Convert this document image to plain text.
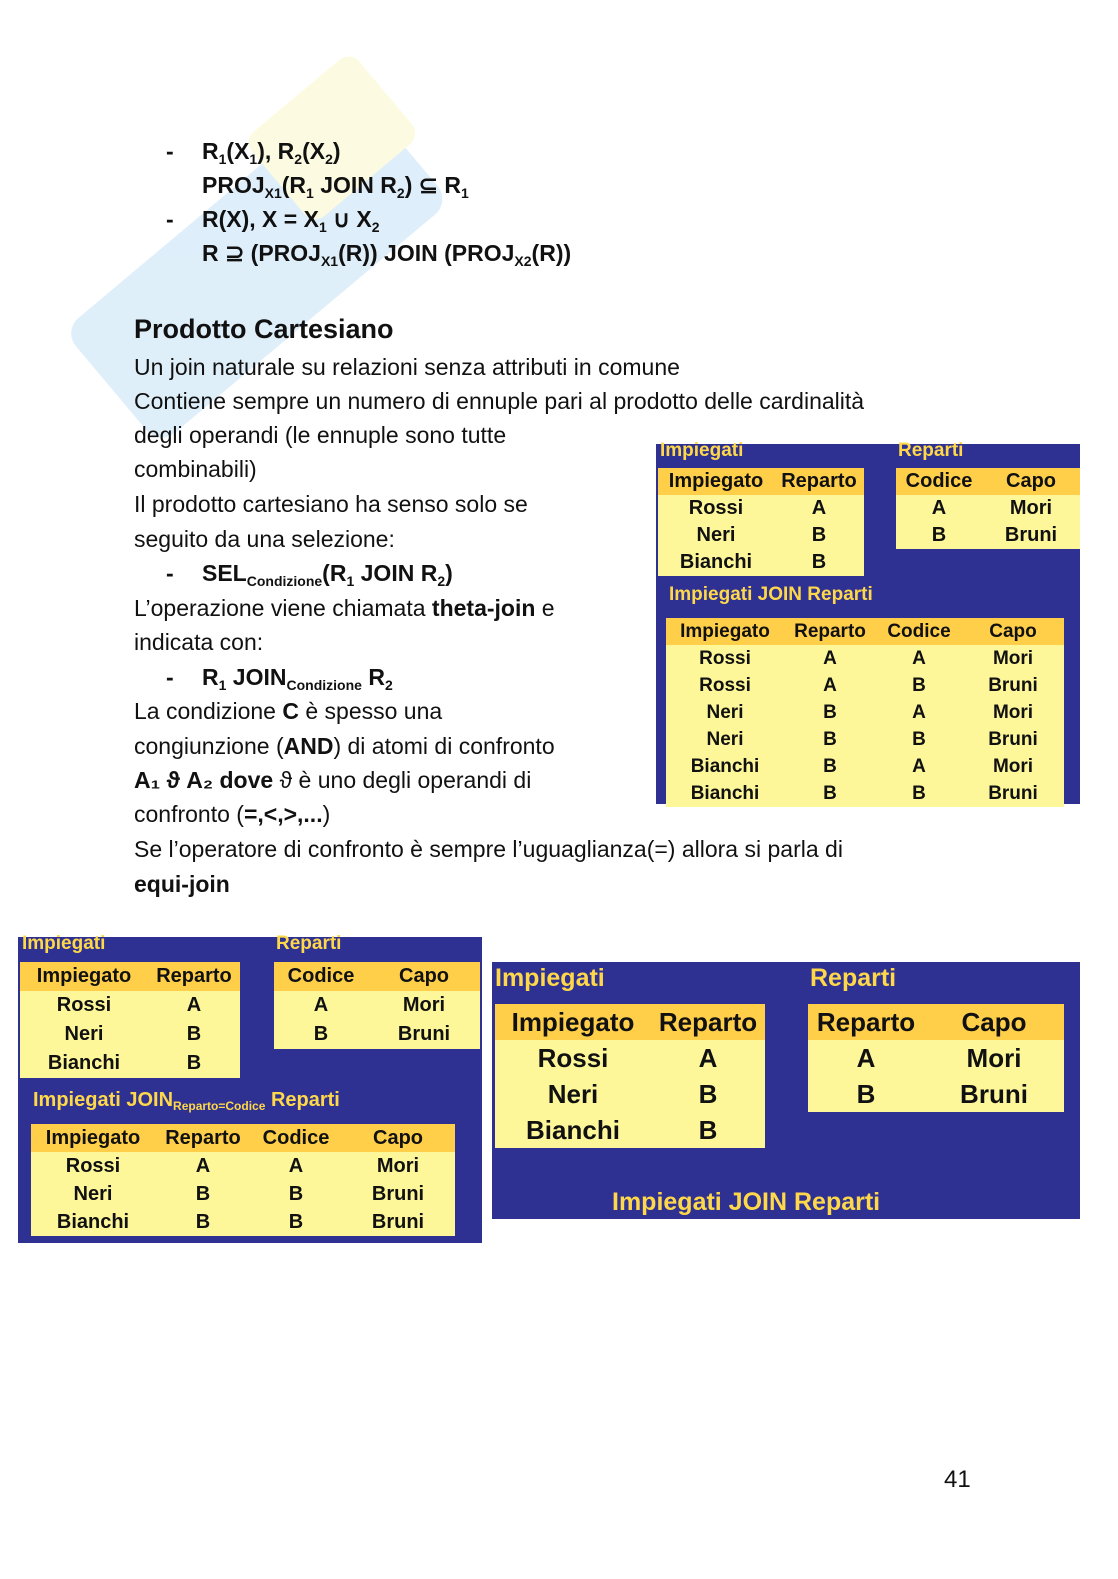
- $R_1(X_1)$, $R_2(X_2)$
$PROJ_{X1}(R_1$ JOIN $R_2$) ⊆ $R_1$
- R(X), $X = X_1$ ∪ $X_2$
R ⊇ $(PROJ_{X1}(R))$ JOIN $(PROJ_{X2}(R))$
Prodotto Cartesiano
Un join naturale su relazioni senza attributi in comune
Contiene sempre un numero di ennuple pari al prodotto delle cardinalità
degli operandi (le ennuple sono tutte
combinabili)
Il prodotto cartesiano ha senso solo se
seguito da una selezione:
- $SEL_{Condizione}(R_1$ JOIN $R_2$)
L’operazione viene chiamata theta-join e
indicata con:
- $R_1$ $JOIN_{Condizione}$ $R_2$
La condizione C è spesso una
congiunzione (AND) di atomi di confronto
A₁ ϑ A₂ dove ϑ è uno degli operandi di
confronto (=,<,>,...)
Se l’operatore di confronto è sempre l’uguaglianza(=) allora si parla di
equi-join
Impiegati	Reparti
Impiegato Reparto
Rossi	A
Neri	B
Bianchi	B
Codice	Capo
A	Mori
B	Bruni
Impiegati JOIN Reparti
Impiegato	Reparto	Codice	Capo
Rossi	A	A	Mori
Rossi	A	B	Bruni
Neri	B	A	Mori
Neri	B	B	Bruni
Bianchi	B	A	Mori
Bianchi	B	B	Bruni
Impiegati	Reparti
Impiegato	Reparto
Rossi	A
Neri	B
Bianchi	B
Codice	Capo
A	Mori
B	Bruni
Impiegati $JOIN_{Reparto=Codice}$ Reparti
Impiegato	Reparto	Codice	Capo
Rossi	A	A	Mori
Neri	B	B	Bruni
Bianchi	B	B	Bruni
Impiegati	Reparti
Impiegato Reparto
Rossi	A
Neri	B
Bianchi	B
Reparto	Capo
A	Mori
B	Bruni
Impiegati JOIN Reparti
41
